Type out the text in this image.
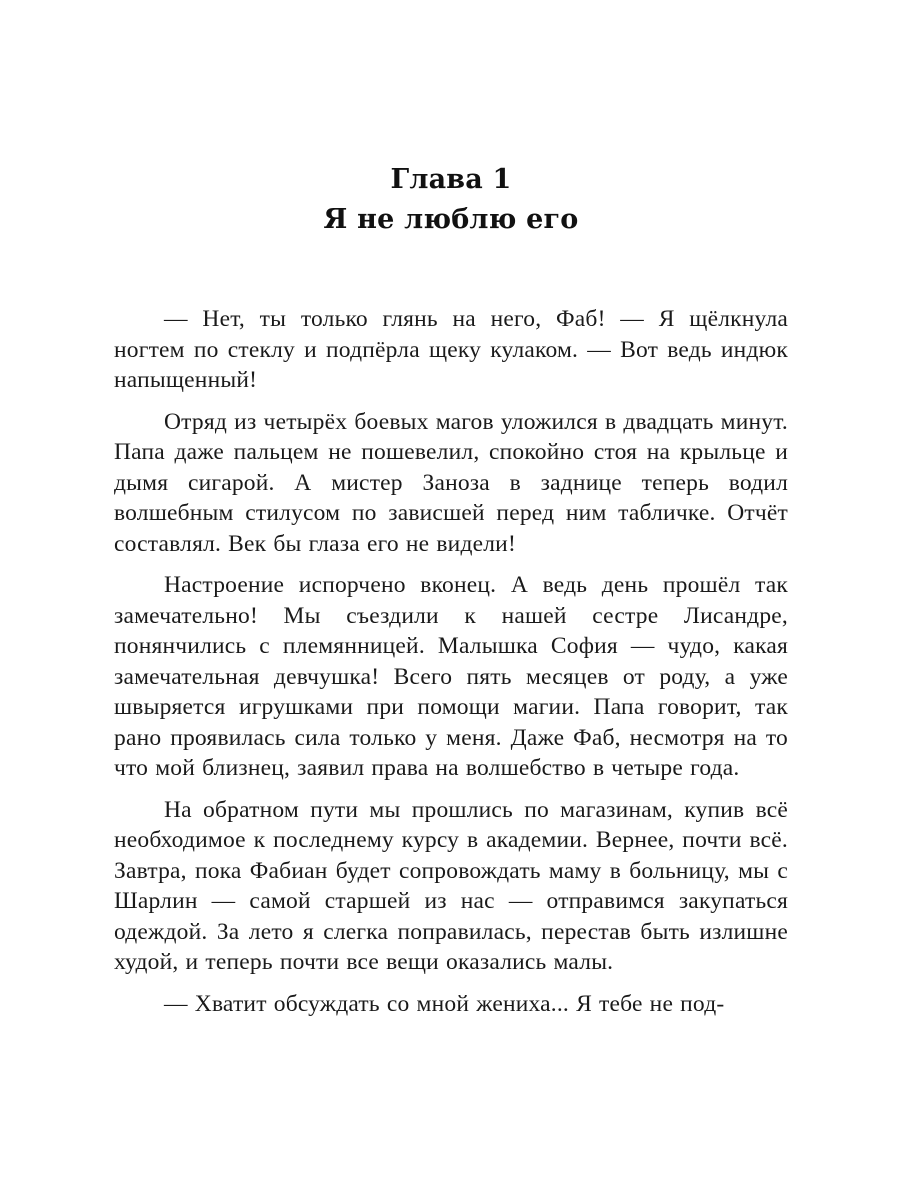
Глава 1
Я не люблю его

— Нет, ты только глянь на него, Фаб! — Я щёлкнула ногтем по стеклу и подпёрла щеку кулаком. — Вот ведь индюк напыщенный!

Отряд из четырёх боевых магов уложился в двадцать минут. Папа даже пальцем не пошевелил, спокойно стоя на крыльце и дымя сигарой. А мистер Заноза в заднице теперь водил волшебным стилусом по зависшей перед ним табличке. Отчёт составлял. Век бы глаза его не видели!

Настроение испорчено вконец. А ведь день прошёл так замечательно! Мы съездили к нашей сестре Лисандре, понянчились с племянницей. Малышка София — чудо, какая замечательная девчушка! Всего пять месяцев от роду, а уже швыряется игрушками при помощи магии. Папа говорит, так рано проявилась сила только у меня. Даже Фаб, несмотря на то что мой близнец, заявил права на волшебство в четыре года.

На обратном пути мы прошлись по магазинам, купив всё необходимое к последнему курсу в академии. Вернее, почти всё. Завтра, пока Фабиан будет сопровождать маму в больницу, мы с Шарлин — самой старшей из нас — отправимся закупаться одеждой. За лето я слегка поправилась, перестав быть излишне худой, и теперь почти все вещи оказались малы.

— Хватит обсуждать со мной жениха... Я тебе не под-
